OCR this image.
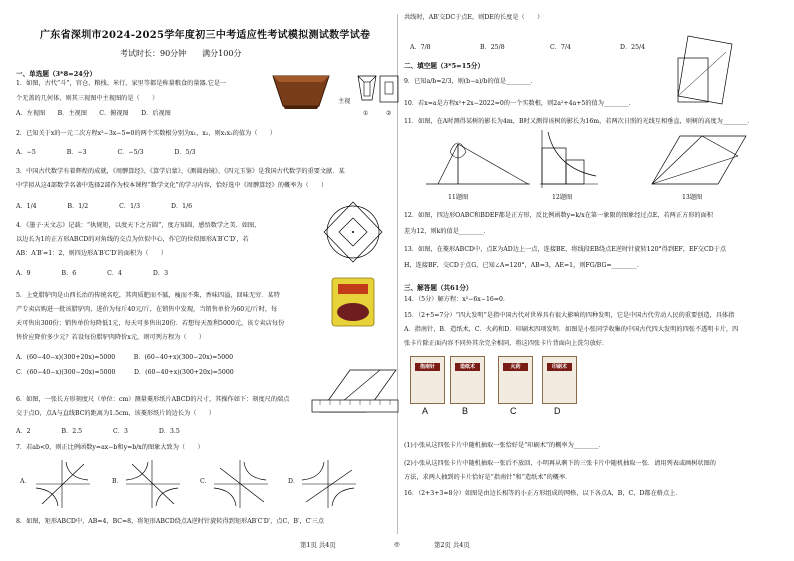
广东省深圳市2024-2025学年度初三中考适应性考试模拟测试数学试卷
考试时长：90分钟　　满分100分
一、单选题（3*8=24分）
1．如图，古代“斗”，官仓、粮栈、米行、家里等都是称量粮食的量器.它是一
个无盖的几何体，则其三视图中主视图的是（　　）
A．左视图　　B．主视图　　C．俯视图　　D．后视图
主视
①	②
2．已知关于x的一元二次方程x²−3x−5=0的两个实数根分别为x₁，x₂，则x₁x₂的值为（　　）
A．−5　　　　　B．−3　　　　　C．−5/3　　　　　D．5/3
3．中国古代数学有着辉煌的成就，《周髀算经》、《算学启蒙》、《测圆海镜》、《四元玉鉴》是我国古代数学的重要文献．某
中学拟从这4部数学名著中选择2部作为校本课程“数学文化”的学习内容，恰好选中《周髀算经》的概率为（　　）
A．1/4　　　　　B．1/2　　　　　C．1/3　　　　　D．1/6
4．《墨子·天文志》记载：“执规矩，以度天下之方圆”，度方知圆，感悟数学之美．如图，
以边长为1的正方形ABCD的对角线的交点为位似中心，作它的位似图形A′B′C′D′，若
AB：A′B′=1：2，则四边形A′B′C′D′的面积为（　　）
A．9　　　　　B．6　　　　　C．4　　　　　D．3
5．上党腊驴肉是山西长治的传统名吃，其肉质肥而不腻，瘦而不柴，香味四溢，回味无穷．某特
产专卖店购进一批该腊驴肉，进价为每斤40元/斤，在销售中发现，当销售单价为60元/斤时，每
天可售出300份；销售单价每降低1元，每天可多售出20份．若想每天盈利5000元，该专卖店每份
售价应降价多少元？若设每份腊驴肉降价x元，则可列方程为（　　）
A．(60−40−x)(300+20x)=5000　　　B．(60−40+x)(300−20x)=5000
C．(60−40−x)(300−20x)=5000　　　D．(60−40+x)(300+20x)=5000
6．如图，一张长方形刻度尺（单位：cm）测量菱形纸片ABCD的尺寸，其操作如下：刻度尺的端点
交于点O，点A与直线BC的距离为1.5cm，该菱形纸片的边长为（　　）
A．2　　　　　B．2.5　　　　　C．3　　　　　D．3.5
7．若ab<0，则正比例函数y=ax−b和y=b/x的图象大致为（　　）
A．	B．	C．	D．
8．如图，矩形ABCD中，AB=4，BC=8，将矩形ABCD绕点A逆时针旋转得到矩形AB′C′D′，点C，B′，C′三点
第1页 共4页	◎
共线时，AB′交DC于点E，则DE的长度是（　　）
A．7/8	B．25/8	C．7/4	D．25/4
二、填空题（3*5=15分）
9．已知a/b=2/3，则(b−a)/b的值是________．
10．若x=a是方程x²+2x−2022=0的一个实数根，则2a²+4a+5的值为________．
11．如图，在A时测得某树的影长为4m，B时又测得该树的影长为16m，若两次日照的光线互相垂直，则树的高度为________．
11题图	12题图	13题图
12．如图，四边形OABC和BDEF都是正方形，反比例函数y=k/x在第一象限的图象经过点E，若两正方形的面积
差为12，则k的值是________．
13．如图，在菱形ABCD中，点E为AD边上一点，连接BE，将线段EB绕点E逆时针旋转120°得到EF，EF交CD于点
H，连接BF，交CD于点G，已知∠A=120°，AB=3，AE=1，则FG/BG=________．
三、解答题（共61分）
14．（5分）解方程：x²−6x−16=0．
15．（2+5=7分）“四大发明”是指中国古代对世界具有很大影响的四种发明，它是中国古代劳动人民的重要创造，具体指
A．指南针，B．造纸术，C．火药和D．印刷术四项发明．如图是小张同学收集的中国古代四大发明的四张不透明卡片，四
张卡片除正面内容不同外其余完全相同，将这四张卡片背面向上洗匀放好．
指南针	造纸术	火药	印刷术
A	B	C	D
(1)小张从这四张卡片中随机抽取一张恰好是“印刷术”的概率为________．
(2)小张从这四张卡片中随机抽取一张后不放回，小明再从剩下的三张卡片中随机抽取一张．请用列表或画树状图的
方法，求两人抽到的卡片恰好是“指南针”和“造纸术”的概率．
16．（2+3+3=8分）如图是由边长相等的小正方形组成的网格，以下各点A，B，C，D都在格点上．
第2页 共4页
